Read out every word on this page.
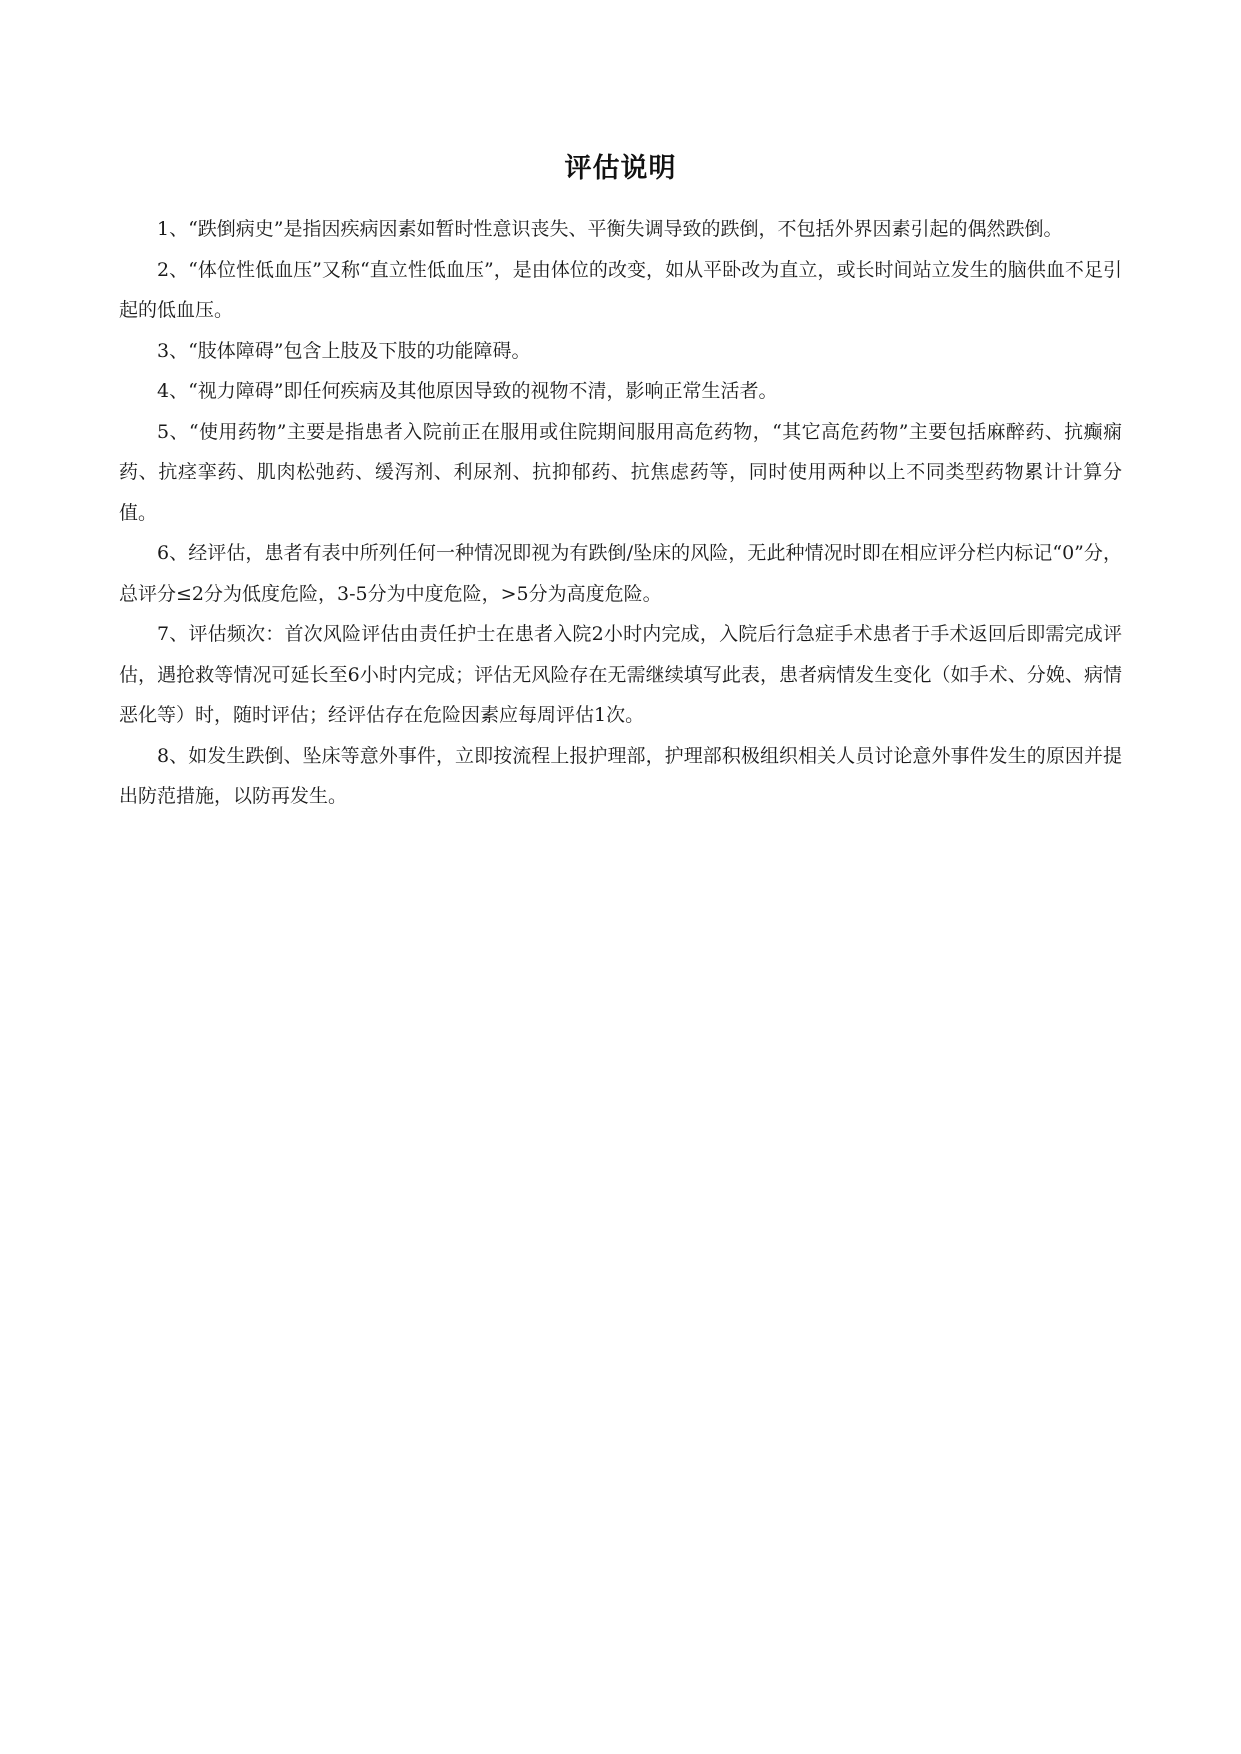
评估说明

1、“跌倒病史”是指因疾病因素如暂时性意识丧失、平衡失调导致的跌倒，不包括外界因素引起的偶然跌倒。

2、“体位性低血压”又称“直立性低血压”，是由体位的改变，如从平卧改为直立，或长时间站立发生的脑供血不足引起的低血压。

3、“肢体障碍”包含上肢及下肢的功能障碍。

4、“视力障碍”即任何疾病及其他原因导致的视物不清，影响正常生活者。

5、“使用药物”主要是指患者入院前正在服用或住院期间服用高危药物，“其它高危药物”主要包括麻醉药、抗癫痫药、抗痉挛药、肌肉松弛药、缓泻剂、利尿剂、抗抑郁药、抗焦虑药等，同时使用两种以上不同类型药物累计计算分值。

6、经评估，患者有表中所列任何一种情况即视为有跌倒/坠床的风险，无此种情况时即在相应评分栏内标记“0”分，总评分≤2分为低度危险，3-5分为中度危险，>5分为高度危险。

7、评估频次：首次风险评估由责任护士在患者入院2小时内完成，入院后行急症手术患者于手术返回后即需完成评估，遇抢救等情况可延长至6小时内完成；评估无风险存在无需继续填写此表，患者病情发生变化（如手术、分娩、病情恶化等）时，随时评估；经评估存在危险因素应每周评估1次。

8、如发生跌倒、坠床等意外事件，立即按流程上报护理部，护理部积极组织相关人员讨论意外事件发生的原因并提出防范措施，以防再发生。
